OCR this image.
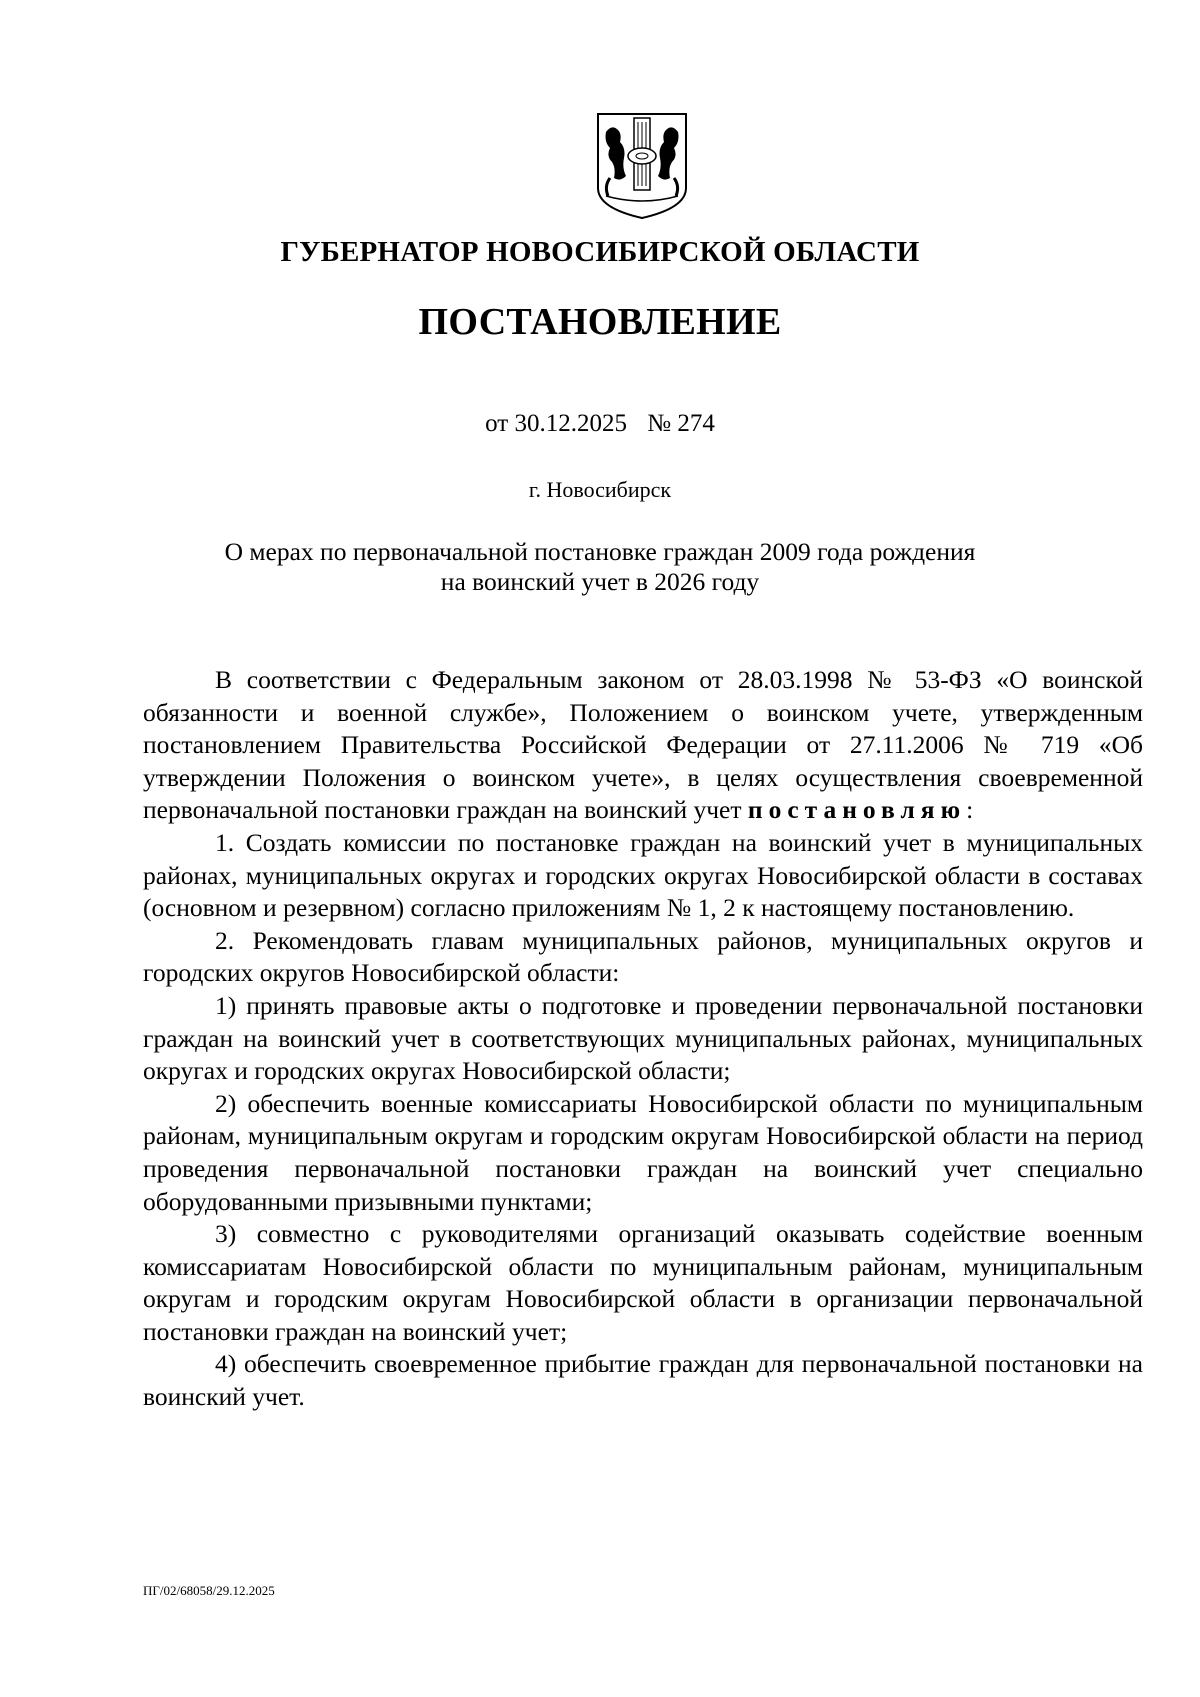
ГУБЕРНАТОР НОВОСИБИРСКОЙ ОБЛАСТИ
ПОСТАНОВЛЕНИЕ
от 30.12.2025 № 274
г. Новосибирск
О мерах по первоначальной постановке граждан 2009 года рождения
на воинский учет в 2026 году

В соответствии с Федеральным законом от 28.03.1998 № 53-ФЗ «О воинской обязанности и военной службе», Положением о воинском учете, утвержденным постановлением Правительства Российской Федерации от 27.11.2006 № 719 «Об утверждении Положения о воинском учете», в целях осуществления своевременной первоначальной постановки граждан на воинский учет постановляю:

1. Создать комиссии по постановке граждан на воинский учет в муниципальных районах, муниципальных округах и городских округах Новосибирской области в составах (основном и резервном) согласно приложениям № 1, 2 к настоящему постановлению.

2. Рекомендовать главам муниципальных районов, муниципальных округов и городских округов Новосибирской области:

1) принять правовые акты о подготовке и проведении первоначальной постановки граждан на воинский учет в соответствующих муниципальных районах, муниципальных округах и городских округах Новосибирской области;

2) обеспечить военные комиссариаты Новосибирской области по муниципальным районам, муниципальным округам и городским округам Новосибирской области на период проведения первоначальной постановки граждан на воинский учет специально оборудованными призывными пунктами;

3) совместно с руководителями организаций оказывать содействие военным комиссариатам Новосибирской области по муниципальным районам, муниципальным округам и городским округам Новосибирской области в организации первоначальной постановки граждан на воинский учет;

4) обеспечить своевременное прибытие граждан для первоначальной постановки на воинский учет.

ПГ/02/68058/29.12.2025
